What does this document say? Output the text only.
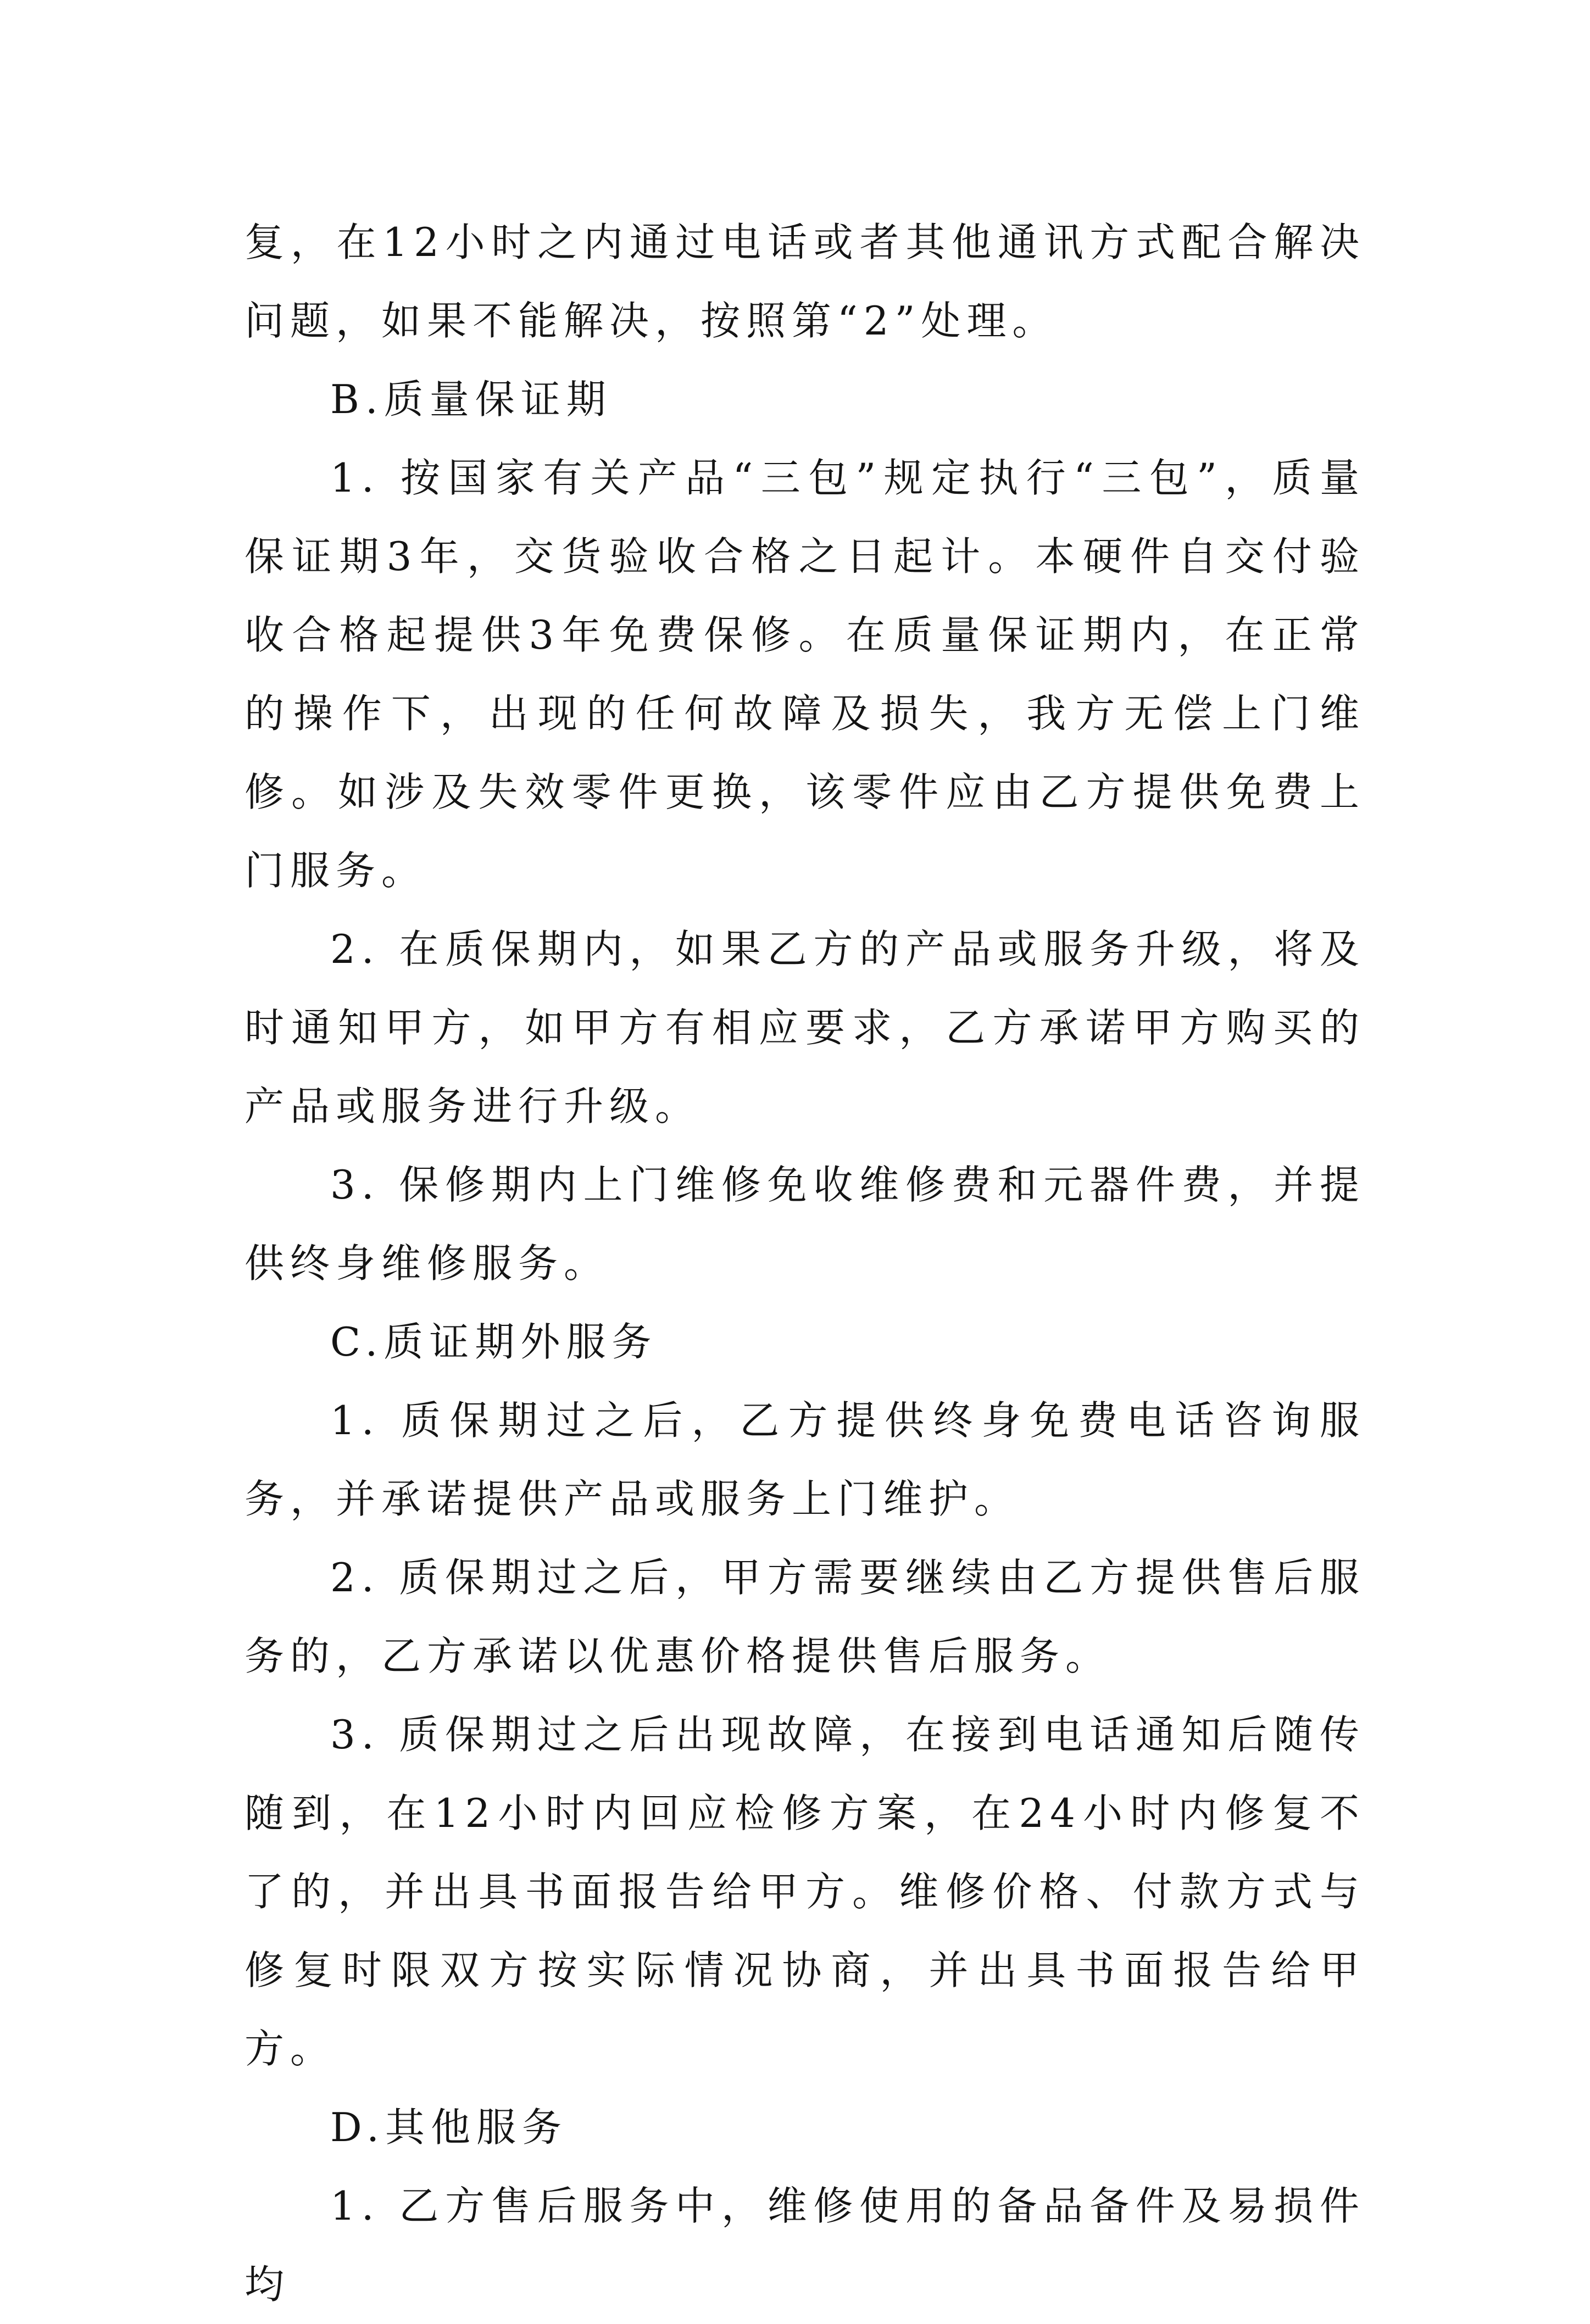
复，在12小时之内通过电话或者其他通讯方式配合解决问题，如果不能解决，按照第“2”处理。

B.质量保证期

1. 按国家有关产品“三包”规定执行“三包”，质量保证期3年，交货验收合格之日起计。本硬件自交付验收合格起提供3年免费保修。在质量保证期内，在正常的操作下，出现的任何故障及损失，我方无偿上门维修。如涉及失效零件更换，该零件应由乙方提供免费上门服务。

2. 在质保期内，如果乙方的产品或服务升级，将及时通知甲方，如甲方有相应要求，乙方承诺甲方购买的产品或服务进行升级。

3. 保修期内上门维修免收维修费和元器件费，并提供终身维修服务。

C.质证期外服务

1. 质保期过之后，乙方提供终身免费电话咨询服务，并承诺提供产品或服务上门维护。

2. 质保期过之后，甲方需要继续由乙方提供售后服务的，乙方承诺以优惠价格提供售后服务。

3. 质保期过之后出现故障，在接到电话通知后随传随到，在12小时内回应检修方案，在24小时内修复不了的，并出具书面报告给甲方。维修价格、付款方式与修复时限双方按实际情况协商，并出具书面报告给甲方。

D.其他服务

1. 乙方售后服务中，维修使用的备品备件及易损件均
